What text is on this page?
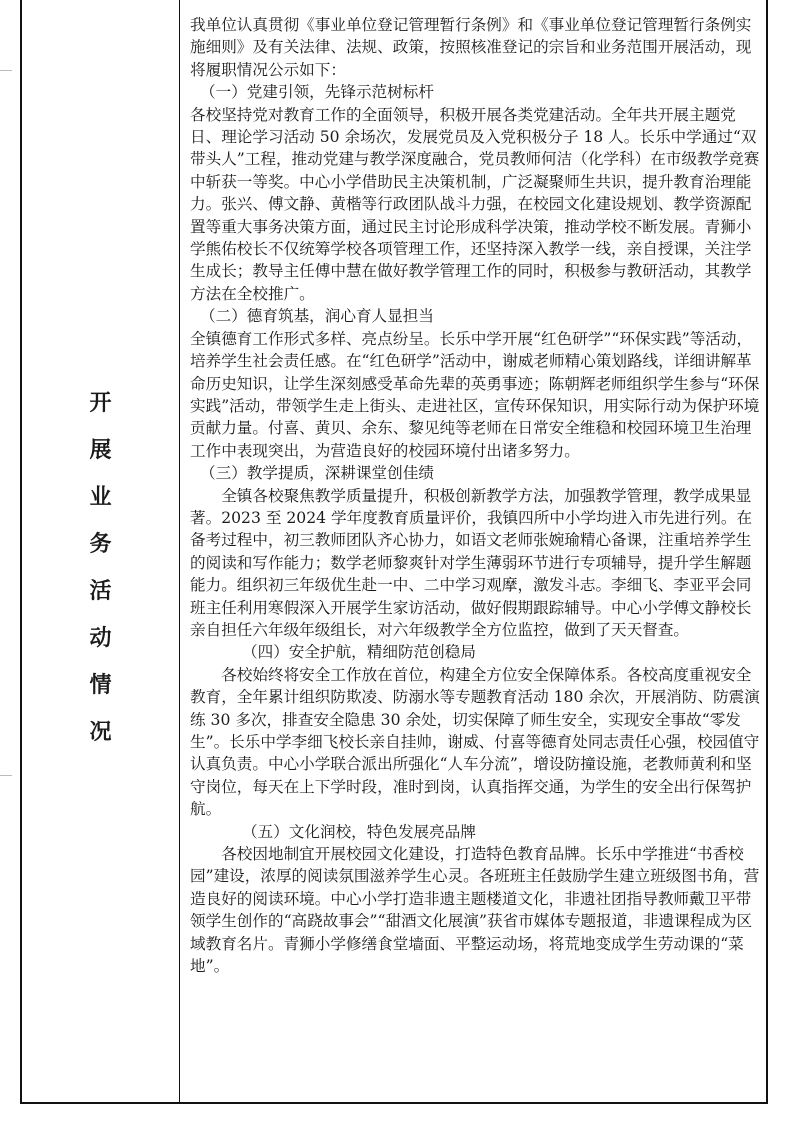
开
展
业
务
活
动
情
况

我单位认真贯彻《事业单位登记管理暂行条例》和《事业单位登记管理暂行条例实施细则》及有关法律、法规、政策，按照核准登记的宗旨和业务范围开展活动，现将履职情况公示如下：

（一）党建引领，先锋示范树标杆

各校坚持党对教育工作的全面领导，积极开展各类党建活动。全年共开展主题党日、理论学习活动 50 余场次，发展党员及入党积极分子 18 人。长乐中学通过“双带头人”工程，推动党建与教学深度融合，党员教师何洁（化学科）在市级教学竞赛中斩获一等奖。中心小学借助民主决策机制，广泛凝聚师生共识，提升教育治理能力。张兴、傅文静、黄楷等行政团队战斗力强，在校园文化建设规划、教学资源配置等重大事务决策方面，通过民主讨论形成科学决策，推动学校不断发展。青狮小学熊佑校长不仅统筹学校各项管理工作，还坚持深入教学一线，亲自授课，关注学生成长；教导主任傅中慧在做好教学管理工作的同时，积极参与教研活动，其教学方法在全校推广。

（二）德育筑基，润心育人显担当

全镇德育工作形式多样、亮点纷呈。长乐中学开展“红色研学”“环保实践”等活动，培养学生社会责任感。在“红色研学”活动中，谢威老师精心策划路线，详细讲解革命历史知识，让学生深刻感受革命先辈的英勇事迹；陈朝辉老师组织学生参与“环保实践”活动，带领学生走上街头、走进社区，宣传环保知识，用实际行动为保护环境贡献力量。付喜、黄贝、余东、黎见纯等老师在日常安全维稳和校园环境卫生治理工作中表现突出，为营造良好的校园环境付出诸多努力。

（三）教学提质，深耕课堂创佳绩

全镇各校聚焦教学质量提升，积极创新教学方法，加强教学管理，教学成果显著。2023 至 2024 学年度教育质量评价，我镇四所中小学均进入市先进行列。在备考过程中，初三教师团队齐心协力，如语文老师张婉瑜精心备课，注重培养学生的阅读和写作能力；数学老师黎爽针对学生薄弱环节进行专项辅导，提升学生解题能力。组织初三年级优生赴一中、二中学习观摩，激发斗志。李细飞、李亚平会同班主任利用寒假深入开展学生家访活动，做好假期跟踪辅导。中心小学傅文静校长亲自担任六年级年级组长，对六年级教学全方位监控，做到了天天督查。

（四）安全护航，精细防范创稳局

各校始终将安全工作放在首位，构建全方位安全保障体系。各校高度重视安全教育，全年累计组织防欺凌、防溺水等专题教育活动 180 余次，开展消防、防震演练 30 多次，排查安全隐患 30 余处，切实保障了师生安全，实现安全事故“零发生”。长乐中学李细飞校长亲自挂帅，谢威、付喜等德育处同志责任心强，校园值守认真负责。中心小学联合派出所强化“人车分流”，增设防撞设施，老教师黄利和坚守岗位，每天在上下学时段，准时到岗，认真指挥交通，为学生的安全出行保驾护航。

（五）文化润校，特色发展亮品牌

各校因地制宜开展校园文化建设，打造特色教育品牌。长乐中学推进“书香校园”建设，浓厚的阅读氛围滋养学生心灵。各班班主任鼓励学生建立班级图书角，营造良好的阅读环境。中心小学打造非遗主题楼道文化，非遗社团指导教师戴卫平带领学生创作的“高跷故事会”“甜酒文化展演”获省市媒体专题报道，非遗课程成为区域教育名片。青狮小学修缮食堂墙面、平整运动场，将荒地变成学生劳动课的“菜地”。
